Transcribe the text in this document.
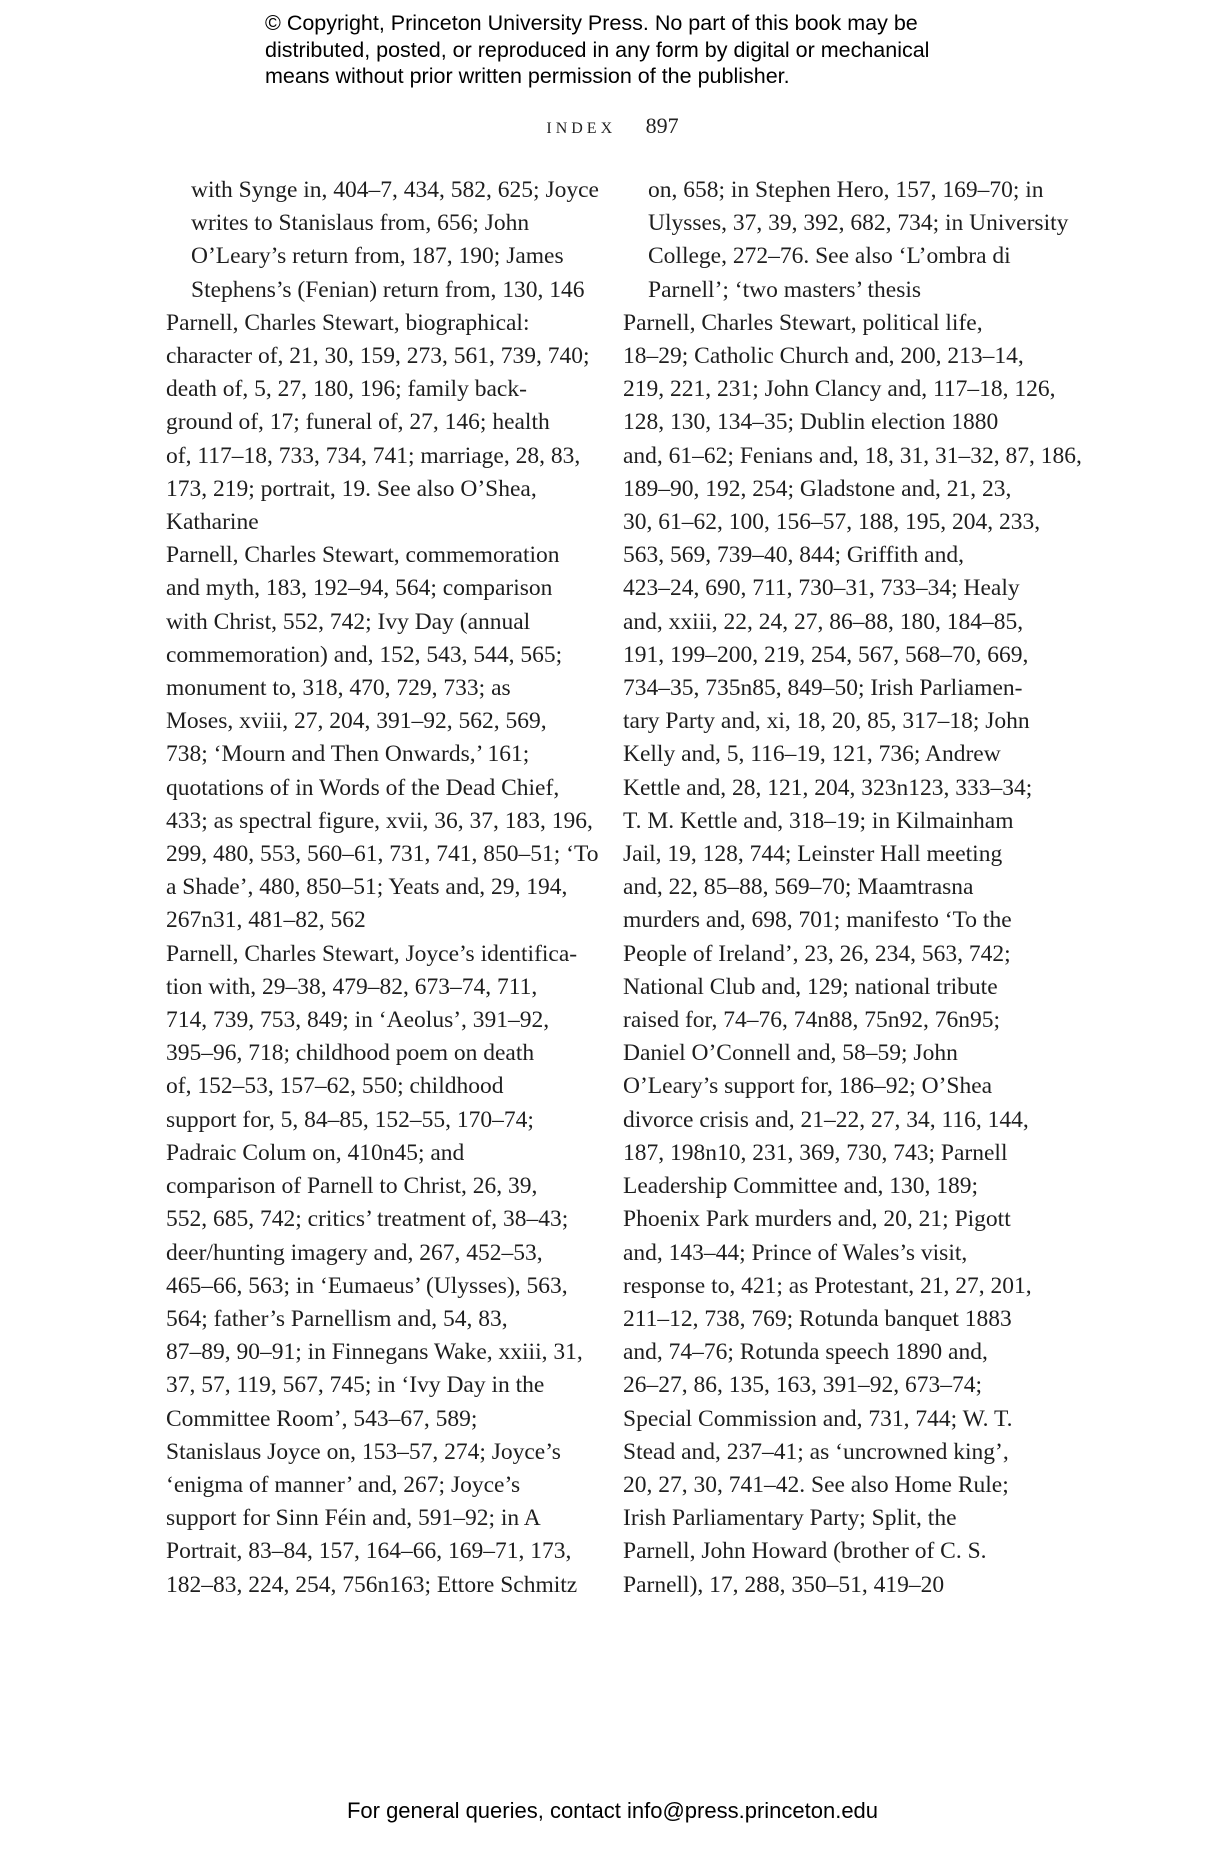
© Copyright, Princeton University Press. No part of this book may be
distributed, posted, or reproduced in any form by digital or mechanical
means without prior written permission of the publisher.
INDEX 897
with Synge in, 404–7, 434, 582, 625; Joyce
writes to Stanislaus from, 656; John
O’Leary’s return from, 187, 190; James
Stephens’s (Fenian) return from, 130, 146
Parnell, Charles Stewart, biographical:
character of, 21, 30, 159, 273, 561, 739, 740;
death of, 5, 27, 180, 196; family back-
ground of, 17; funeral of, 27, 146; health
of, 117–18, 733, 734, 741; marriage, 28, 83,
173, 219; portrait, 19. See also O’Shea,
Katharine
Parnell, Charles Stewart, commemoration
and myth, 183, 192–94, 564; comparison
with Christ, 552, 742; Ivy Day (annual
commemoration) and, 152, 543, 544, 565;
monument to, 318, 470, 729, 733; as
Moses, xviii, 27, 204, 391–92, 562, 569,
738; ‘Mourn and Then Onwards,’ 161;
quotations of in Words of the Dead Chief,
433; as spectral figure, xvii, 36, 37, 183, 196,
299, 480, 553, 560–61, 731, 741, 850–51; ‘To
a Shade’, 480, 850–51; Yeats and, 29, 194,
267n31, 481–82, 562
Parnell, Charles Stewart, Joyce’s identifica-
tion with, 29–38, 479–82, 673–74, 711,
714, 739, 753, 849; in ‘Aeolus’, 391–92,
395–96, 718; childhood poem on death
of, 152–53, 157–62, 550; childhood
support for, 5, 84–85, 152–55, 170–74;
Padraic Colum on, 410n45; and
comparison of Parnell to Christ, 26, 39,
552, 685, 742; critics’ treatment of, 38–43;
deer/hunting imagery and, 267, 452–53,
465–66, 563; in ‘Eumaeus’ (Ulysses), 563,
564; father’s Parnellism and, 54, 83,
87–89, 90–91; in Finnegans Wake, xxiii, 31,
37, 57, 119, 567, 745; in ‘Ivy Day in the
Committee Room’, 543–67, 589;
Stanislaus Joyce on, 153–57, 274; Joyce’s
‘enigma of manner’ and, 267; Joyce’s
support for Sinn Féin and, 591–92; in A
Portrait, 83–84, 157, 164–66, 169–71, 173,
182–83, 224, 254, 756n163; Ettore Schmitz
on, 658; in Stephen Hero, 157, 169–70; in
Ulysses, 37, 39, 392, 682, 734; in University
College, 272–76. See also ‘L’ombra di
Parnell’; ‘two masters’ thesis
Parnell, Charles Stewart, political life,
18–29; Catholic Church and, 200, 213–14,
219, 221, 231; John Clancy and, 117–18, 126,
128, 130, 134–35; Dublin election 1880
and, 61–62; Fenians and, 18, 31, 31–32, 87, 186,
189–90, 192, 254; Gladstone and, 21, 23,
30, 61–62, 100, 156–57, 188, 195, 204, 233,
563, 569, 739–40, 844; Griffith and,
423–24, 690, 711, 730–31, 733–34; Healy
and, xxiii, 22, 24, 27, 86–88, 180, 184–85,
191, 199–200, 219, 254, 567, 568–70, 669,
734–35, 735n85, 849–50; Irish Parliamen-
tary Party and, xi, 18, 20, 85, 317–18; John
Kelly and, 5, 116–19, 121, 736; Andrew
Kettle and, 28, 121, 204, 323n123, 333–34;
T. M. Kettle and, 318–19; in Kilmainham
Jail, 19, 128, 744; Leinster Hall meeting
and, 22, 85–88, 569–70; Maamtrasna
murders and, 698, 701; manifesto ‘To the
People of Ireland’, 23, 26, 234, 563, 742;
National Club and, 129; national tribute
raised for, 74–76, 74n88, 75n92, 76n95;
Daniel O’Connell and, 58–59; John
O’Leary’s support for, 186–92; O’Shea
divorce crisis and, 21–22, 27, 34, 116, 144,
187, 198n10, 231, 369, 730, 743; Parnell
Leadership Committee and, 130, 189;
Phoenix Park murders and, 20, 21; Pigott
and, 143–44; Prince of Wales’s visit,
response to, 421; as Protestant, 21, 27, 201,
211–12, 738, 769; Rotunda banquet 1883
and, 74–76; Rotunda speech 1890 and,
26–27, 86, 135, 163, 391–92, 673–74;
Special Commission and, 731, 744; W. T.
Stead and, 237–41; as ‘uncrowned king’,
20, 27, 30, 741–42. See also Home Rule;
Irish Parliamentary Party; Split, the
Parnell, John Howard (brother of C. S.
Parnell), 17, 288, 350–51, 419–20
For general queries, contact info@press.princeton.edu
